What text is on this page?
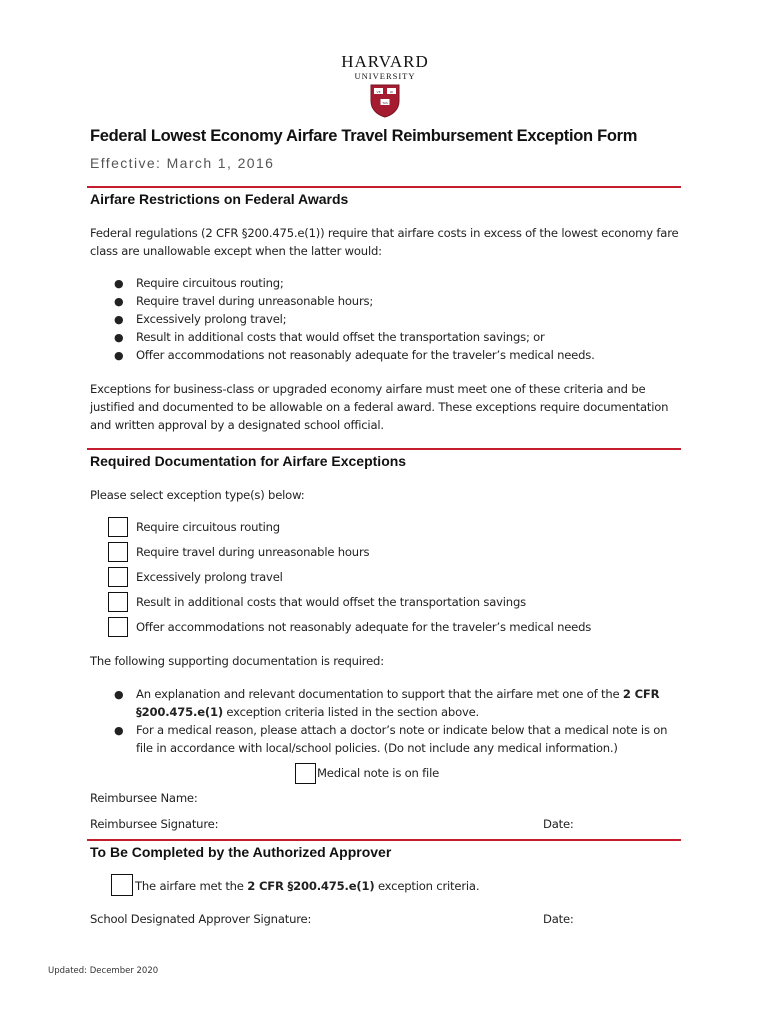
HARVARD
UNIVERSITY
VE	RI
TAS
Federal Lowest Economy Airfare Travel Reimbursement Exception Form
Effective: March 1, 2016
Airfare Restrictions on Federal Awards
Federal regulations (2 CFR §200.475.e(1)) require that airfare costs in excess of the lowest economy fare
class are unallowable except when the latter would:
● Require circuitous routing;
● Require travel during unreasonable hours;
● Excessively prolong travel;
● Result in additional costs that would offset the transportation savings; or
● Offer accommodations not reasonably adequate for the traveler’s medical needs.
Exceptions for business-class or upgraded economy airfare must meet one of these criteria and be
justified and documented to be allowable on a federal award. These exceptions require documentation
and written approval by a designated school official.
Required Documentation for Airfare Exceptions
Please select exception type(s) below:
Require circuitous routing
Require travel during unreasonable hours
Excessively prolong travel
Result in additional costs that would offset the transportation savings
Offer accommodations not reasonably adequate for the traveler’s medical needs
The following supporting documentation is required:
● An explanation and relevant documentation to support that the airfare met one of the 2 CFR
§200.475.e(1) exception criteria listed in the section above.
● For a medical reason, please attach a doctor’s note or indicate below that a medical note is on
file in accordance with local/school policies. (Do not include any medical information.)
Medical note is on file
Reimbursee Name:
Reimbursee Signature:	Date:
To Be Completed by the Authorized Approver
The airfare met the 2 CFR §200.475.e(1) exception criteria.
School Designated Approver Signature:	Date:
Updated: December 2020
